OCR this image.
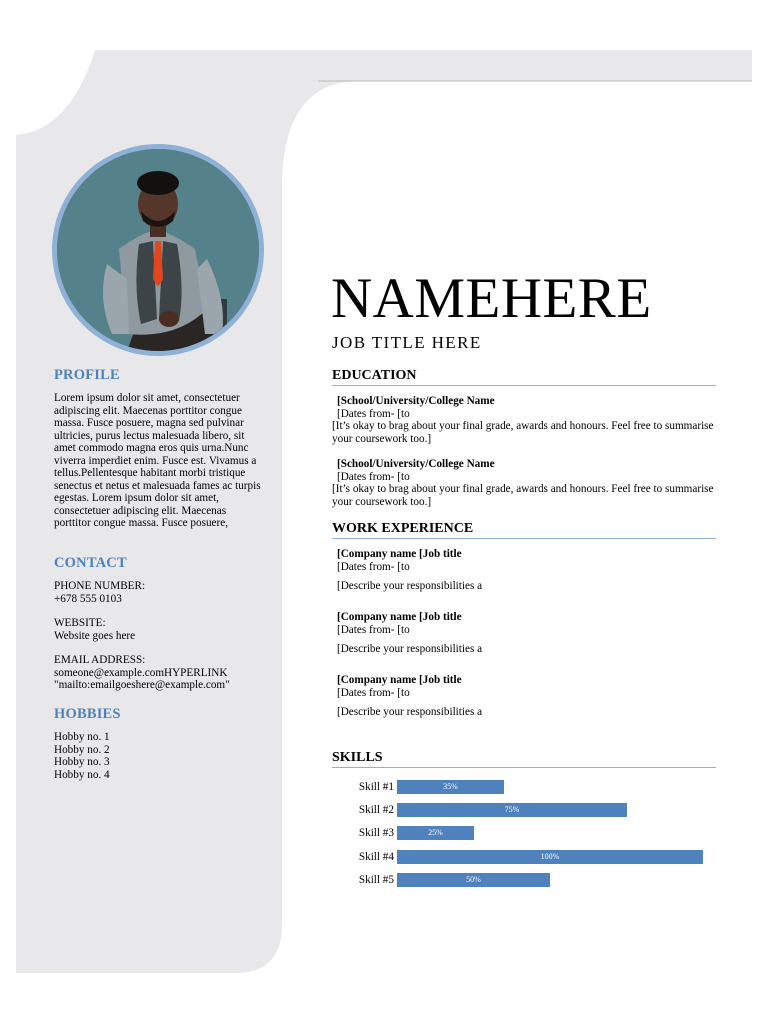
PROFILE
Lorem ipsum dolor sit amet, consectetuer
adipiscing elit. Maecenas porttitor congue
massa. Fusce posuere, magna sed pulvinar
ultricies, purus lectus malesuada libero, sit
amet commodo magna eros quis urna.Nunc
viverra imperdiet enim. Fusce est. Vivamus a
tellus.Pellentesque habitant morbi tristique
senectus et netus et malesuada fames ac turpis
egestas. Lorem ipsum dolor sit amet,
consectetuer adipiscing elit. Maecenas
porttitor congue massa. Fusce posuere,
CONTACT
PHONE NUMBER:
+678 555 0103
WEBSITE:
Website goes here
EMAIL ADDRESS:
someone@example.comHYPERLINK
"mailto:emailgoeshere@example.com"
HOBBIES
Hobby no. 1
Hobby no. 2
Hobby no. 3
Hobby no. 4
NAMEHERE
JOB TITLE HERE
EDUCATION
[School/University/College Name
[Dates from- [to
[It’s okay to brag about your final grade, awards and honours. Feel free to summarise your coursework too.]
[School/University/College Name
[Dates from- [to
[It’s okay to brag about your final grade, awards and honours. Feel free to summarise your coursework too.]
WORK EXPERIENCE
[Company name [Job title
[Dates from- [to
[Describe your responsibilities a
[Company name [Job title
[Dates from- [to
[Describe your responsibilities a
[Company name [Job title
[Dates from- [to
[Describe your responsibilities a
SKILLS
Skill #1	35%
Skill #2	75%
Skill #3	25%
Skill #4	100%
Skill #5	50%
